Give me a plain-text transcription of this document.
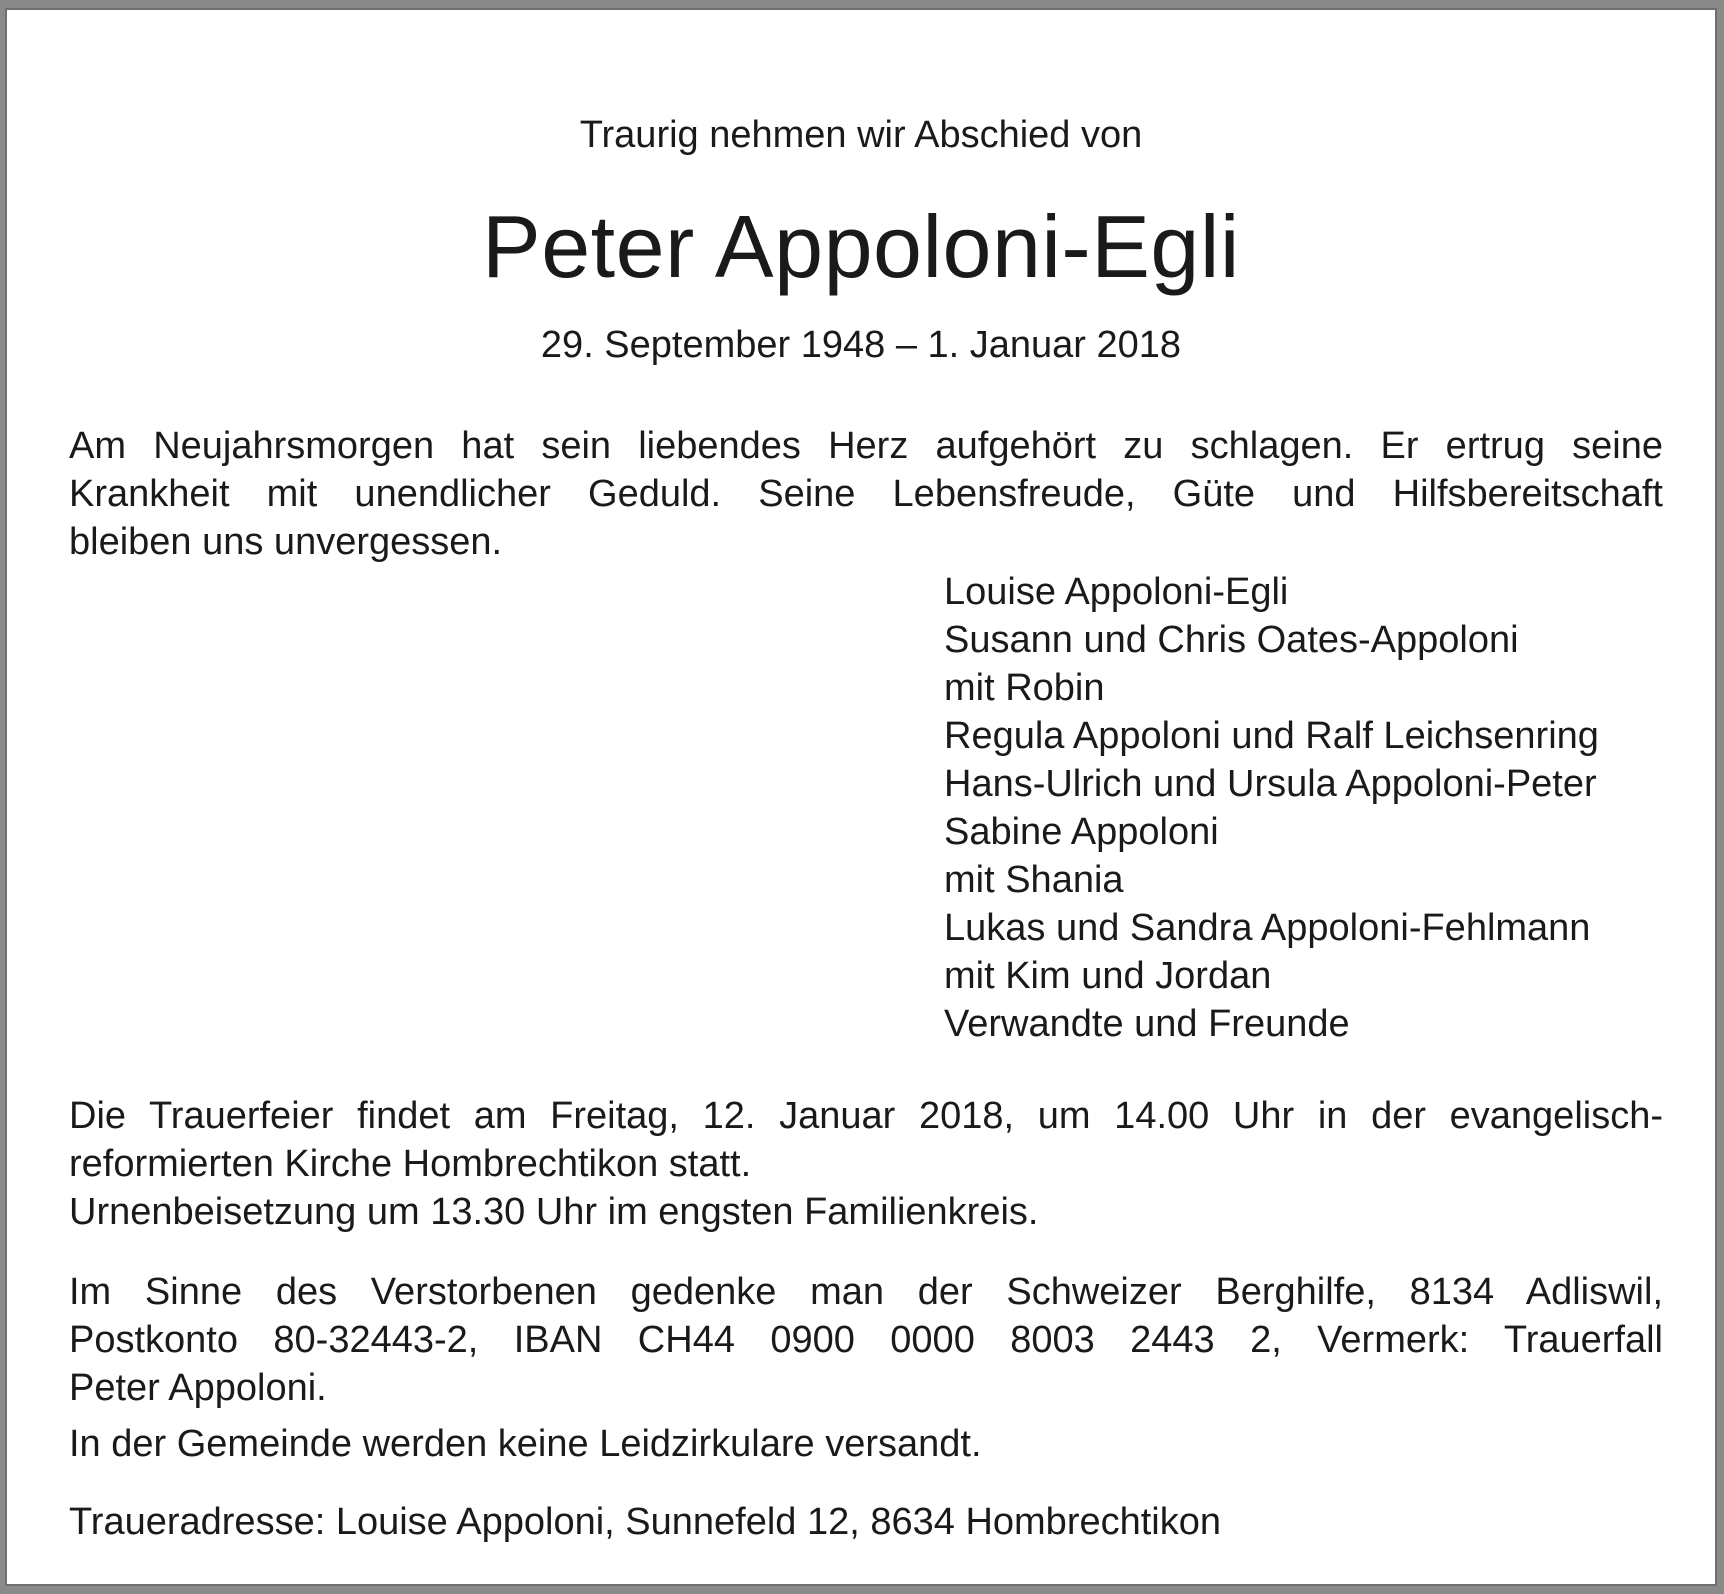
Traurig nehmen wir Abschied von
Peter Appoloni-Egli
29. September 1948 – 1. Januar 2018
Am Neujahrsmorgen hat sein liebendes Herz aufgehört zu schlagen. Er ertrug seine
Krankheit mit unendlicher Geduld. Seine Lebensfreude, Güte und Hilfsbereitschaft
bleiben uns unvergessen.
Louise Appoloni-Egli
Susann und Chris Oates-Appoloni
mit Robin
Regula Appoloni und Ralf Leichsenring
Hans-Ulrich und Ursula Appoloni-Peter
Sabine Appoloni
mit Shania
Lukas und Sandra Appoloni-Fehlmann
mit Kim und Jordan
Verwandte und Freunde
Die Trauerfeier findet am Freitag, 12. Januar 2018, um 14.00 Uhr in der evangelisch-
reformierten Kirche Hombrechtikon statt.
Urnenbeisetzung um 13.30 Uhr im engsten Familienkreis.
Im Sinne des Verstorbenen gedenke man der Schweizer Berghilfe, 8134 Adliswil,
Postkonto 80-32443-2, IBAN CH44 0900 0000 8003 2443 2, Vermerk: Trauerfall
Peter Appoloni.
In der Gemeinde werden keine Leidzirkulare versandt.
Traueradresse: Louise Appoloni, Sunnefeld 12, 8634 Hombrechtikon
